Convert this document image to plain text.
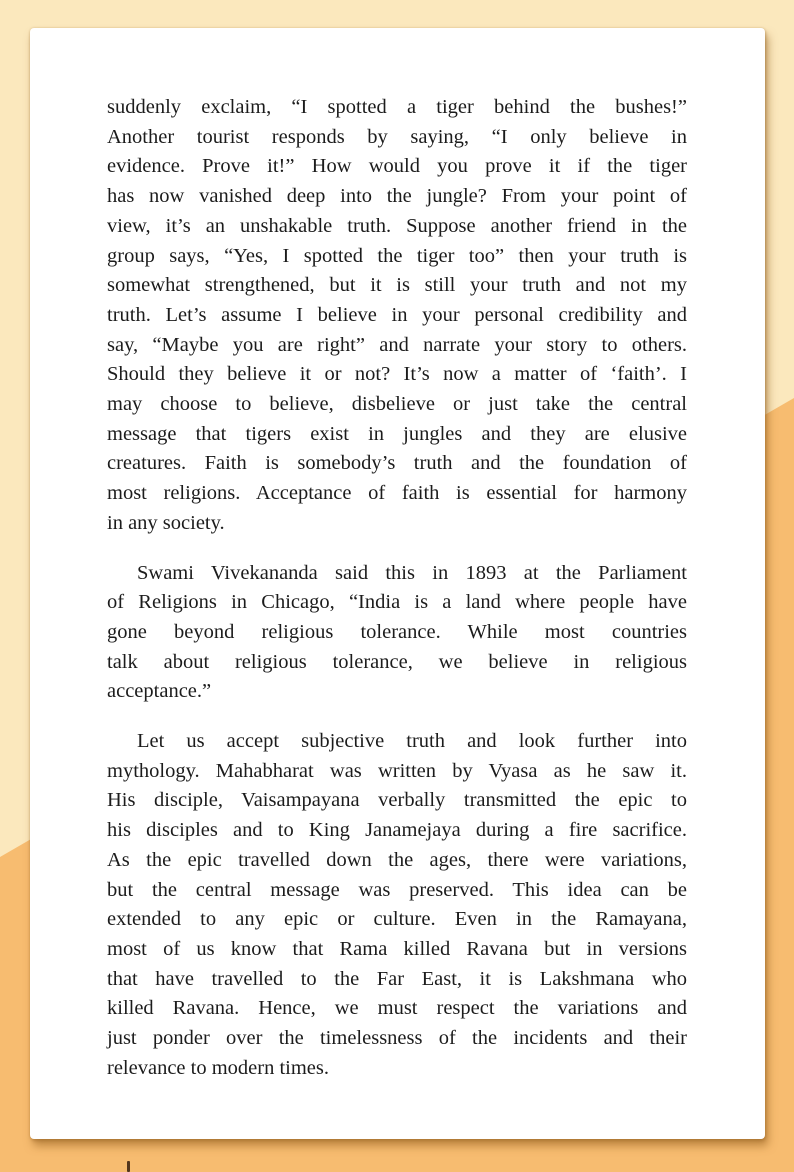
suddenly exclaim, “I spotted a tiger behind the bushes!”
Another tourist responds by saying, “I only believe in
evidence. Prove it!” How would you prove it if the tiger
has now vanished deep into the jungle? From your point of
view, it’s an unshakable truth. Suppose another friend in the
group says, “Yes, I spotted the tiger too” then your truth is
somewhat strengthened, but it is still your truth and not my
truth. Let’s assume I believe in your personal credibility and
say, “Maybe you are right” and narrate your story to others.
Should they believe it or not? It’s now a matter of ‘faith’. I
may choose to believe, disbelieve or just take the central
message that tigers exist in jungles and they are elusive
creatures. Faith is somebody’s truth and the foundation of
most religions. Acceptance of faith is essential for harmony
in any society.
Swami Vivekananda said this in 1893 at the Parliament
of Religions in Chicago, “India is a land where people have
gone beyond religious tolerance. While most countries
talk about religious tolerance, we believe in religious
acceptance.”
Let us accept subjective truth and look further into
mythology. Mahabharat was written by Vyasa as he saw it.
His disciple, Vaisampayana verbally transmitted the epic to
his disciples and to King Janamejaya during a fire sacrifice.
As the epic travelled down the ages, there were variations,
but the central message was preserved. This idea can be
extended to any epic or culture. Even in the Ramayana,
most of us know that Rama killed Ravana but in versions
that have travelled to the Far East, it is Lakshmana who
killed Ravana. Hence, we must respect the variations and
just ponder over the timelessness of the incidents and their
relevance to modern times.
